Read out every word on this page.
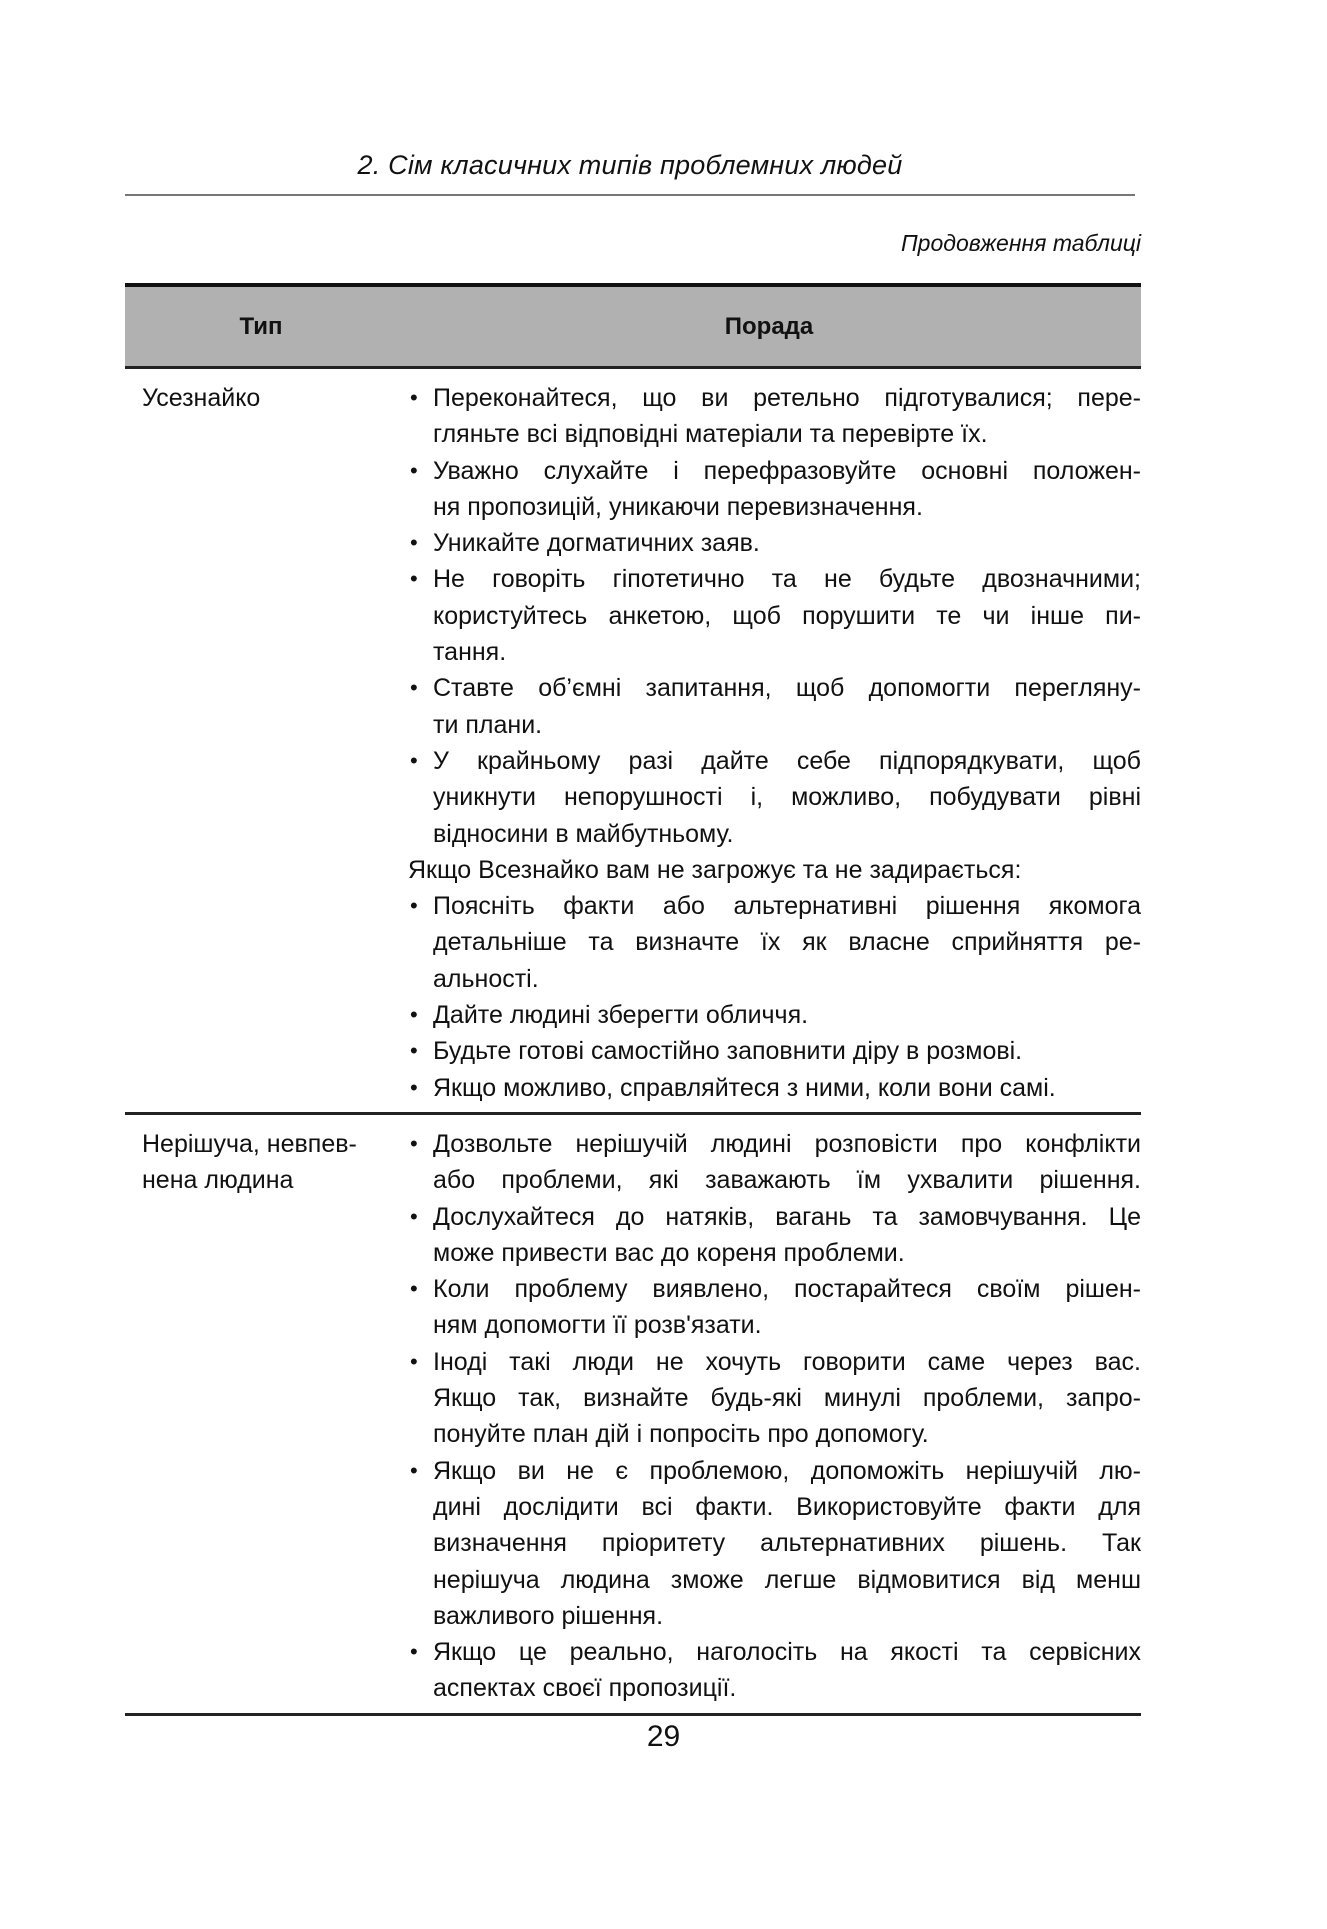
2. Сім класичних типів проблемних людей
Продовження таблиці
Тип	Порада
Усезнайко	• Переконайтеся, що ви ретельно підготувалися; пере-
гляньте всі відповідні матеріали та перевірте їх.
• Уважно слухайте і перефразовуйте основні положен-
ня пропозицій, уникаючи перевизначення.
• Уникайте догматичних заяв.
• Не говоріть гіпотетично та не будьте двозначними;
користуйтесь анкетою, щоб порушити те чи інше пи-
тання.
• Ставте об’ємні запитання, щоб допомогти перегляну-
ти плани.
• У крайньому разі дайте себе підпорядкувати, щоб
уникнути непорушності і, можливо, побудувати рівні
відносини в майбутньому.
Якщо Всезнайко вам не загрожує та не задирається:
• Поясніть факти або альтернативні рішення якомога
детальніше та визначте їх як власне сприйняття ре-
альності.
• Дайте людині зберегти обличчя.
• Будьте готові самостійно заповнити діру в розмові.
• Якщо можливо, справляйтеся з ними, коли вони самі.
Нерішуча, невпев-
нена людина
• Дозвольте нерішучій людині розповісти про конфлікти
або проблеми, які заважають їм ухвалити рішення.
• Дослухайтеся до натяків, вагань та замовчування. Це
може привести вас до кореня проблеми.
• Коли проблему виявлено, постарайтеся своїм рішен-
ням допомогти її розв'язати.
• Іноді такі люди не хочуть говорити саме через вас.
Якщо так, визнайте будь-які минулі проблеми, запро-
понуйте план дій і попросіть про допомогу.
• Якщо ви не є проблемою, допоможіть нерішучій лю-
дині дослідити всі факти. Використовуйте факти для
визначення пріоритету альтернативних рішень. Так
нерішуча людина зможе легше відмовитися від менш
важливого рішення.
• Якщо це реально, наголосіть на якості та сервісних
аспектах своєї пропозиції.
29
